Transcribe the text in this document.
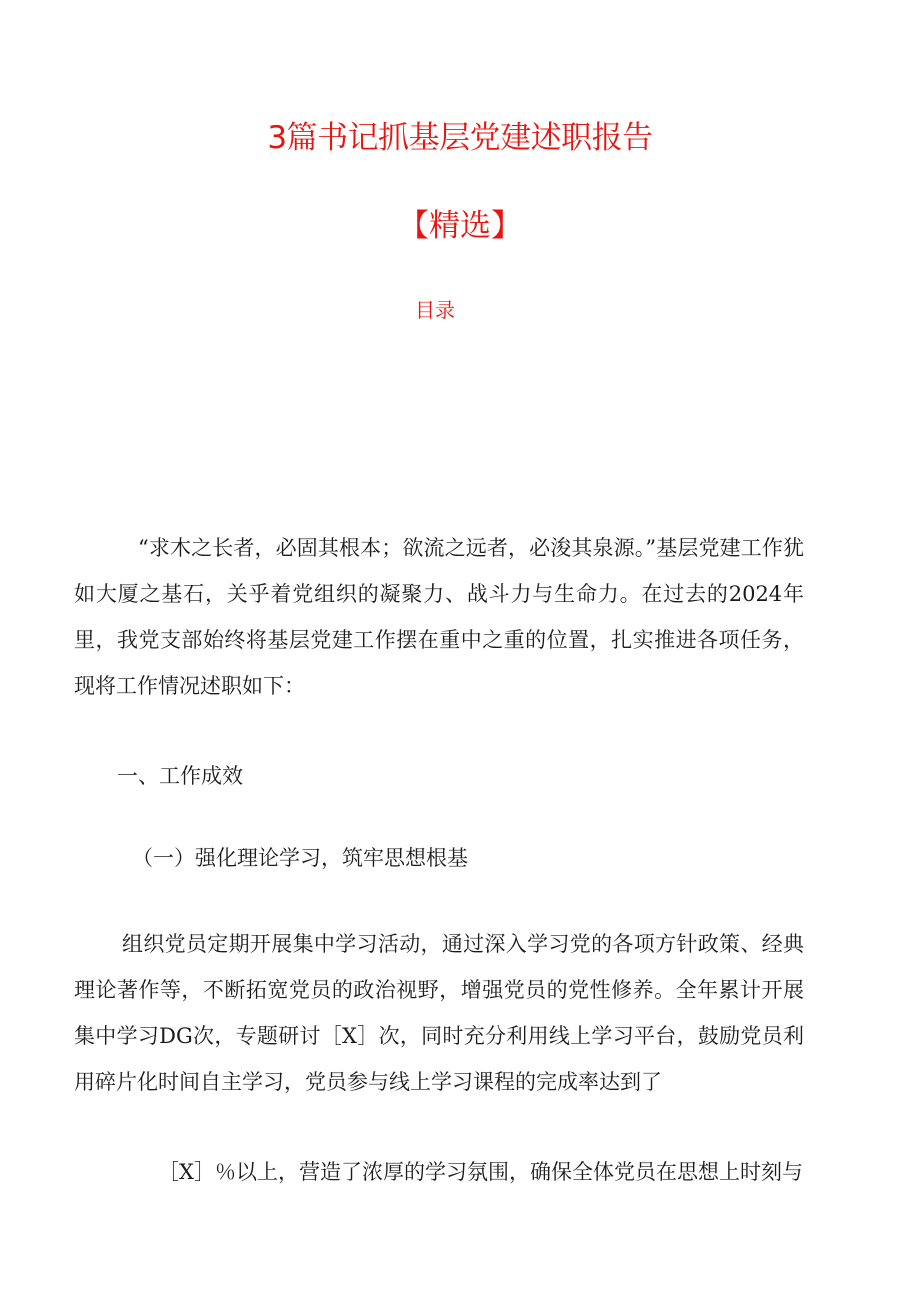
3篇书记抓基层党建述职报告
【精选】
目录

“求木之长者，必固其根本；欲流之远者，必浚其泉源。”基层党建工作犹如大厦之基石，关乎着党组织的凝聚力、战斗力与生命力。在过去的2024年里，我党支部始终将基层党建工作摆在重中之重的位置，扎实推进各项任务，现将工作情况述职如下：

一、工作成效
（一）强化理论学习，筑牢思想根基

组织党员定期开展集中学习活动，通过深入学习党的各项方针政策、经典理论著作等，不断拓宽党员的政治视野，增强党员的党性修养。全年累计开展集中学习DG次，专题研讨［X］次，同时充分利用线上学习平台，鼓励党员利用碎片化时间自主学习，党员参与线上学习课程的完成率达到了

［X］％以上，营造了浓厚的学习氛围，确保全体党员在思想上时刻与
